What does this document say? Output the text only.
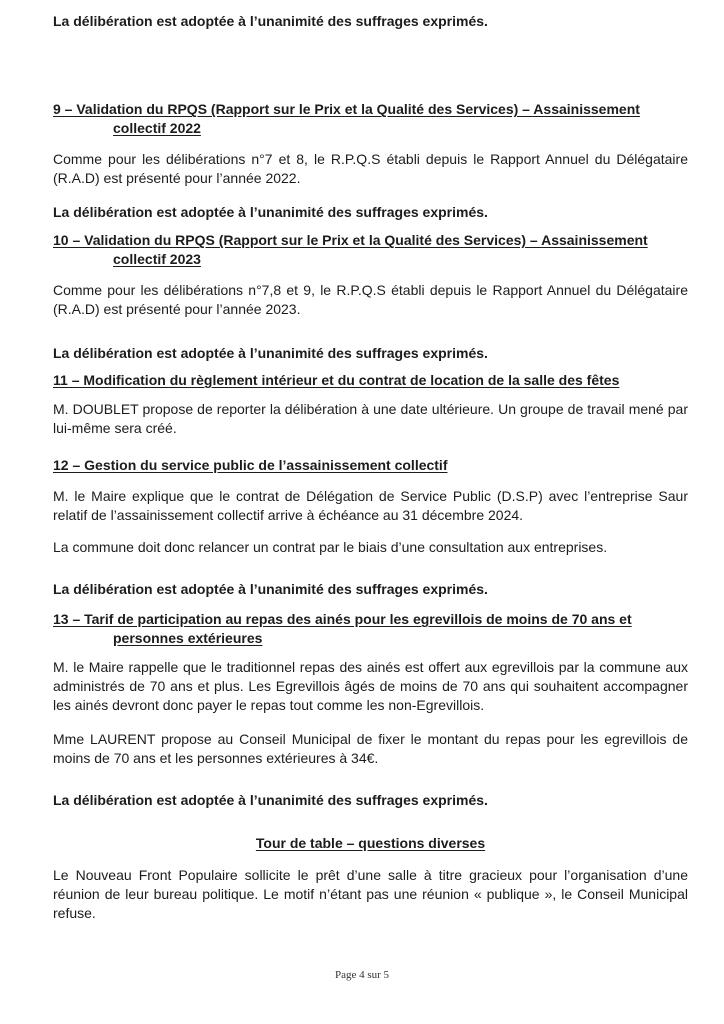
La délibération est adoptée à l’unanimité des suffrages exprimés.
9 – Validation du RPQS (Rapport sur le Prix et la Qualité des Services) – Assainissement
collectif 2022
Comme pour les délibérations n°7 et 8, le R.P.Q.S établi depuis le Rapport Annuel du Délégataire (R.A.D) est présenté pour l’année 2022.
La délibération est adoptée à l’unanimité des suffrages exprimés.
10 – Validation du RPQS (Rapport sur le Prix et la Qualité des Services) – Assainissement
collectif 2023
Comme pour les délibérations n°7,8 et 9, le R.P.Q.S établi depuis le Rapport Annuel du Délégataire (R.A.D) est présenté pour l’année 2023.
La délibération est adoptée à l’unanimité des suffrages exprimés.
11 – Modification du règlement intérieur et du contrat de location de la salle des fêtes
M. DOUBLET propose de reporter la délibération à une date ultérieure. Un groupe de travail mené par lui-même sera créé.
12 – Gestion du service public de l’assainissement collectif
M. le Maire explique que le contrat de Délégation de Service Public (D.S.P) avec l’entreprise Saur relatif de l’assainissement collectif arrive à échéance au 31 décembre 2024.
La commune doit donc relancer un contrat par le biais d’une consultation aux entreprises.
La délibération est adoptée à l’unanimité des suffrages exprimés.
13 – Tarif de participation au repas des ainés pour les egrevillois de moins de 70 ans et
personnes extérieures
M. le Maire rappelle que le traditionnel repas des ainés est offert aux egrevillois par la commune aux administrés de 70 ans et plus. Les Egrevillois âgés de moins de 70 ans qui souhaitent accompagner les ainés devront donc payer le repas tout comme les non-Egrevillois.
Mme LAURENT propose au Conseil Municipal de fixer le montant du repas pour les egrevillois de moins de 70 ans et les personnes extérieures à 34€.
La délibération est adoptée à l’unanimité des suffrages exprimés.
Tour de table – questions diverses
Le Nouveau Front Populaire sollicite le prêt d’une salle à titre gracieux pour l’organisation d’une réunion de leur bureau politique. Le motif n’étant pas une réunion « publique », le Conseil Municipal refuse.
Page 4 sur 5
